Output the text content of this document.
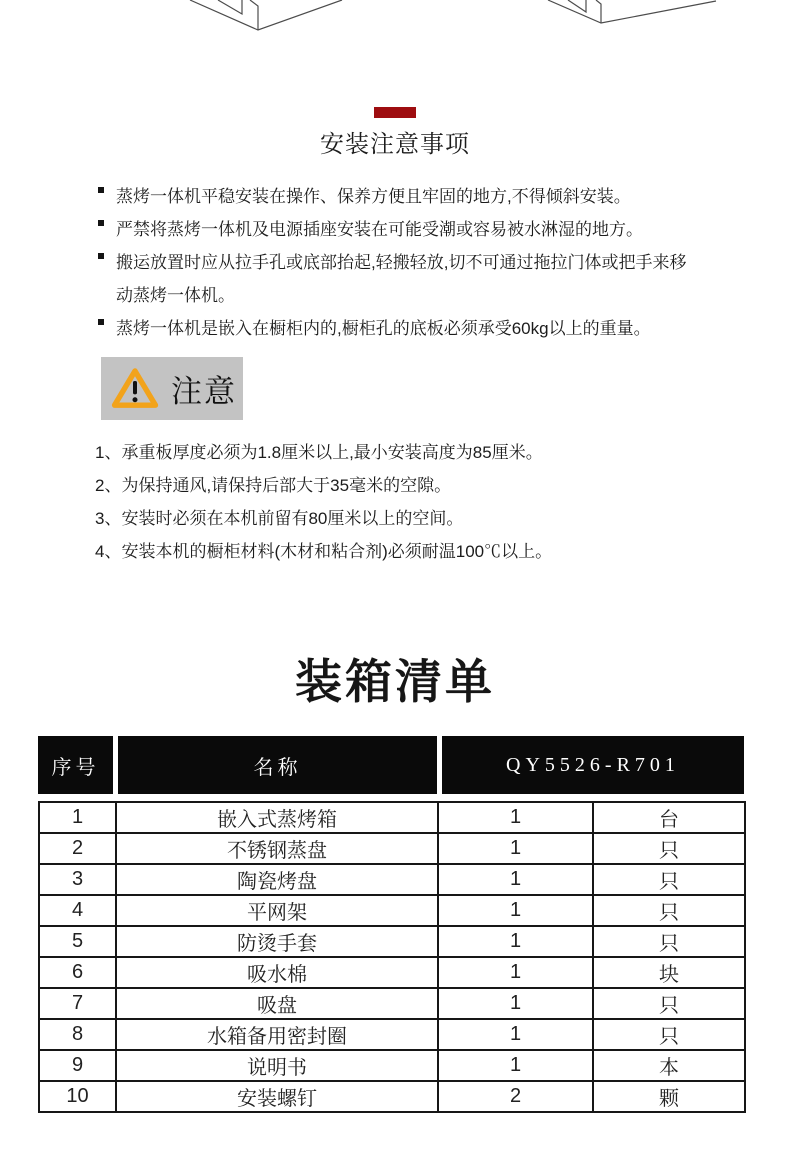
安装注意事项
蒸烤一体机平稳安装在操作、保养方便且牢固的地方,不得倾斜安装。
严禁将蒸烤一体机及电源插座安装在可能受潮或容易被水淋湿的地方。
搬运放置时应从拉手孔或底部抬起,轻搬轻放,切不可通过拖拉门体或把手来移动蒸烤一体机。
蒸烤一体机是嵌入在橱柜内的,橱柜孔的底板必须承受60kg以上的重量。
注意
1、承重板厚度必须为1.8厘米以上,最小安装高度为85厘米。
2、为保持通风,请保持后部大于35毫米的空隙。
3、安装时必须在本机前留有80厘米以上的空间。
4、安装本机的橱柜材料(木材和粘合剂)必须耐温100℃以上。
装箱清单
序号	名称	QY5526-R701
1	嵌入式蒸烤箱	1	台
2	不锈钢蒸盘	1	只
3	陶瓷烤盘	1	只
4	平网架	1	只
5	防烫手套	1	只
6	吸水棉	1	块
7	吸盘	1	只
8	水箱备用密封圈	1	只
9	说明书	1	本
10	安装螺钉	2	颗
